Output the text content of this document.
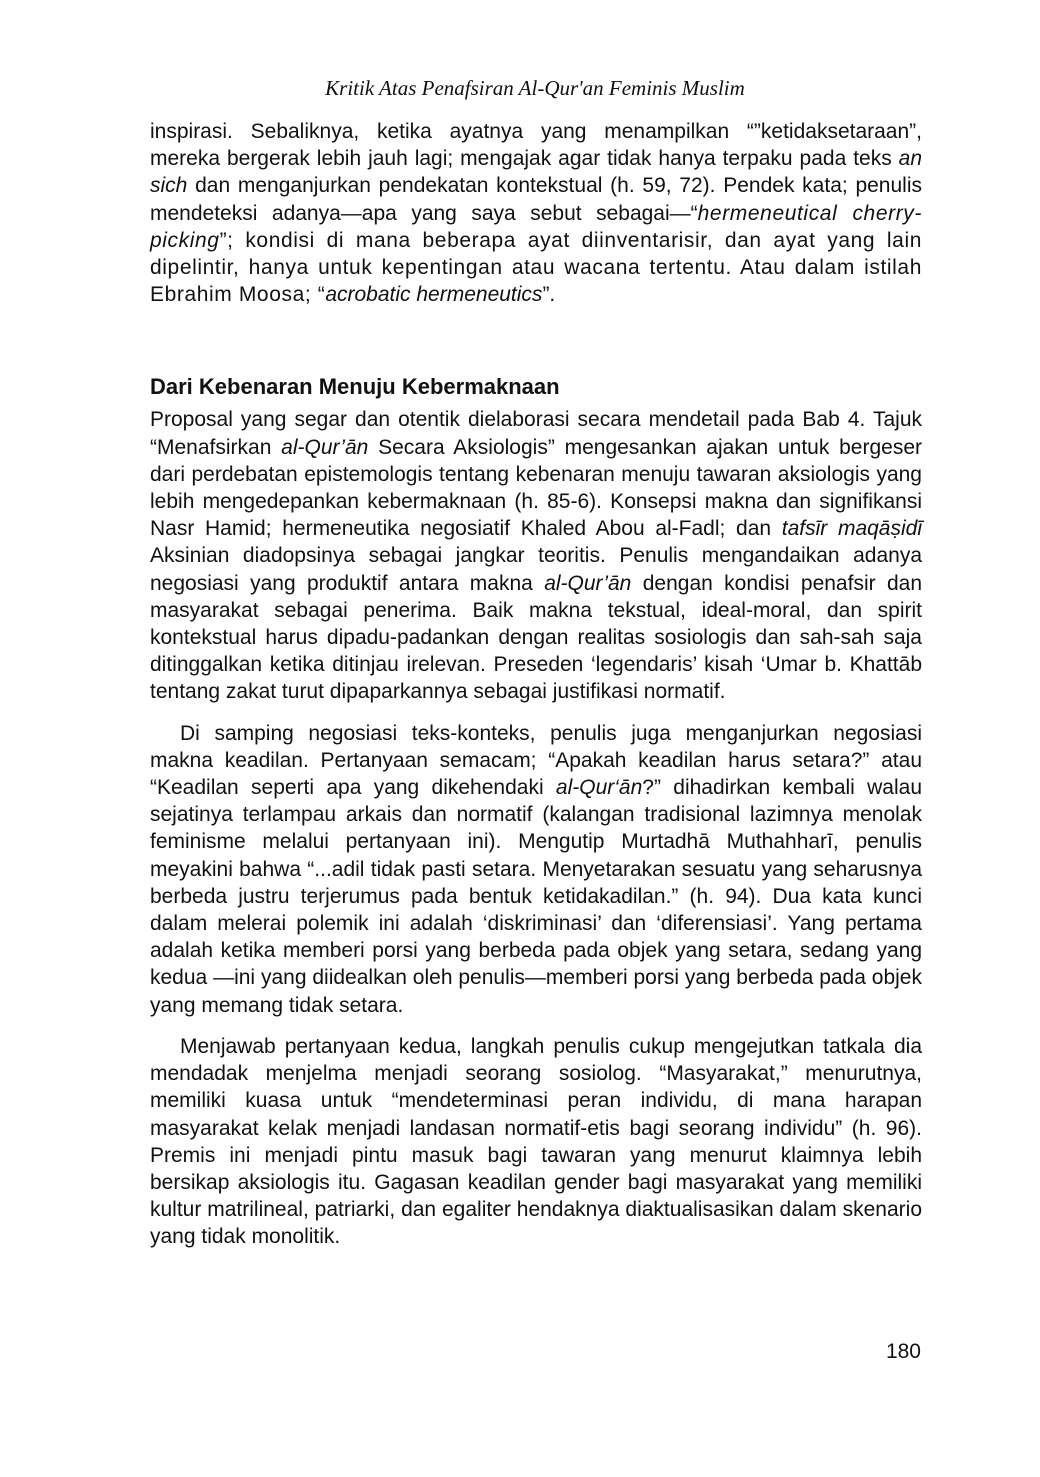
Kritik Atas Penafsiran Al-Qur'an Feminis Muslim

inspirasi. Sebaliknya, ketika ayatnya yang menampilkan “”ketidaksetaraan”, mereka bergerak lebih jauh lagi; mengajak agar tidak hanya terpaku pada teks an sich dan menganjurkan pendekatan kontekstual (h. 59, 72). Pendek kata; penulis mendeteksi adanya—apa yang saya sebut sebagai—“hermeneutical cherry-picking”; kondisi di mana beberapa ayat diinventarisir, dan ayat yang lain dipelintir, hanya untuk kepentingan atau wacana tertentu. Atau dalam istilah Ebrahim Moosa; “acrobatic hermeneutics”.

Dari Kebenaran Menuju Kebermaknaan

Proposal yang segar dan otentik dielaborasi secara mendetail pada Bab 4. Tajuk “Menafsirkan al-Qur’ān Secara Aksiologis” mengesankan ajakan untuk bergeser dari perdebatan epistemologis tentang kebenaran menuju tawaran aksiologis yang lebih mengedepankan kebermaknaan (h. 85-6). Konsepsi makna dan signifikansi Nasr Hamid; hermeneutika negosiatif Khaled Abou al-Fadl; dan tafsīr maqāṣidī Aksinian diadopsinya sebagai jangkar teoritis. Penulis mengandaikan adanya negosiasi yang produktif antara makna al-Qur’ān dengan kondisi penafsir dan masyarakat sebagai penerima. Baik makna tekstual, ideal-moral, dan spirit kontekstual harus dipadu-padankan dengan realitas sosiologis dan sah-sah saja ditinggalkan ketika ditinjau irelevan. Preseden ‘legendaris’ kisah ‘Umar b. Khattāb tentang zakat turut dipaparkannya sebagai justifikasi normatif.

Di samping negosiasi teks-konteks, penulis juga menganjurkan negosiasi makna keadilan. Pertanyaan semacam; “Apakah keadilan harus setara?” atau “Keadilan seperti apa yang dikehendaki al-Qur‘ān?” dihadirkan kembali walau sejatinya terlampau arkais dan normatif (kalangan tradisional lazimnya menolak feminisme melalui pertanyaan ini). Mengutip Murtadhā Muthahharī, penulis meyakini bahwa “...adil tidak pasti setara. Menyetarakan sesuatu yang seharusnya berbeda justru terjerumus pada bentuk ketidakadilan.” (h. 94). Dua kata kunci dalam melerai polemik ini adalah ‘diskriminasi’ dan ‘diferensiasi’. Yang pertama adalah ketika memberi porsi yang berbeda pada objek yang setara, sedang yang kedua —ini yang diidealkan oleh penulis—memberi porsi yang berbeda pada objek yang memang tidak setara.

Menjawab pertanyaan kedua, langkah penulis cukup mengejutkan tatkala dia mendadak menjelma menjadi seorang sosiolog. “Masyarakat,” menurutnya, memiliki kuasa untuk “mendeterminasi peran individu, di mana harapan masyarakat kelak menjadi landasan normatif-etis bagi seorang individu” (h. 96). Premis ini menjadi pintu masuk bagi tawaran yang menurut klaimnya lebih bersikap aksiologis itu. Gagasan keadilan gender bagi masyarakat yang memiliki kultur matrilineal, patriarki, dan egaliter hendaknya diaktualisasikan dalam skenario yang tidak monolitik.

180
